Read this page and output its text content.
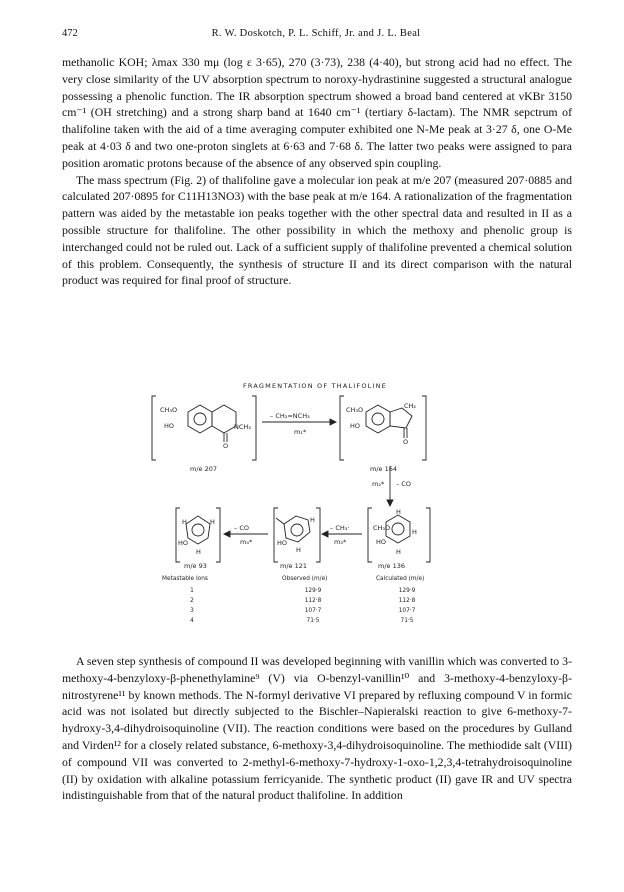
472	R. W. Doskotch, P. L. Schiff, Jr. and J. L. Beal

methanolic KOH; λmax 330 mμ (log ε 3·65), 270 (3·73), 238 (4·40), but strong acid had no effect. The very close similarity of the UV absorption spectrum to noroxy-hydrastinine suggested a structural analogue possessing a phenolic function. The IR absorption spectrum showed a broad band centered at νKBr 3150 cm⁻¹ (OH stretching) and a strong sharp band at 1640 cm⁻¹ (tertiary δ-lactam). The NMR sepctrum of thalifoline taken with the aid of a time averaging computer exhibited one N-Me peak at 3·27 δ, one O-Me peak at 4·03 δ and two one-proton singlets at 6·63 and 7·68 δ. The latter two peaks were assigned to para position aromatic protons because of the absence of any observed spin coupling.

The mass spectrum (Fig. 2) of thalifoline gave a molecular ion peak at m/e 207 (measured 207·0885 and calculated 207·0895 for C11H13NO3) with the base peak at m/e 164. A rationalization of the fragmentation pattern was aided by the metastable ion peaks together with the other spectral data and resulted in II as a possible structure for thalifoline. The other possibility in which the methoxy and phenolic group is interchanged could not be ruled out. Lack of a sufficient supply of thalifoline prevented a chemical solution of this problem. Consequently, the synthesis of structure II and its direct comparison with the natural product was required for final proof of structure.

FRAGMENTATION OF THALIFOLINE
CH₃O
HO	NCH₃
O
m/e 207
– CH₂=NCH₃
m₁*
CH₃O	CH₂
HO
O
m/e 164
m₂* – CO
CH₃O
HO
H
H
H
m/e 136
– CH₃·
m₃*
HO
H
H
m/e 121
– CO
m₄*
HO
H	H
H
m/e 93
Metastable Ions	Observed (m/e)	Calculated (m/e)
1	129·9	129·9
2	112·8	112·8
3	107·7	107·7
4	71·5	71·5

A seven step synthesis of compound II was developed beginning with vanillin which was converted to 3-methoxy-4-benzyloxy-β-phenethylamine⁹ (V) via O-benzyl-vanillin¹⁰ and 3-methoxy-4-benzyloxy-β-nitrostyrene¹¹ by known methods. The N-formyl derivative VI prepared by refluxing compound V in formic acid was not isolated but directly subjected to the Bischler–Napieralski reaction to give 6-methoxy-7-hydroxy-3,4-dihydroisoquinoline (VII). The reaction conditions were based on the procedures by Gulland and Virden¹² for a closely related substance, 6-methoxy-3,4-dihydroisoquinoline. The methiodide salt (VIII) of compound VII was converted to 2-methyl-6-methoxy-7-hydroxy-1-oxo-1,2,3,4-tetrahydroisoquinoline (II) by oxidation with alkaline potassium ferricyanide. The synthetic product (II) gave IR and UV spectra indistinguishable from that of the natural product thalifoline. In addition
